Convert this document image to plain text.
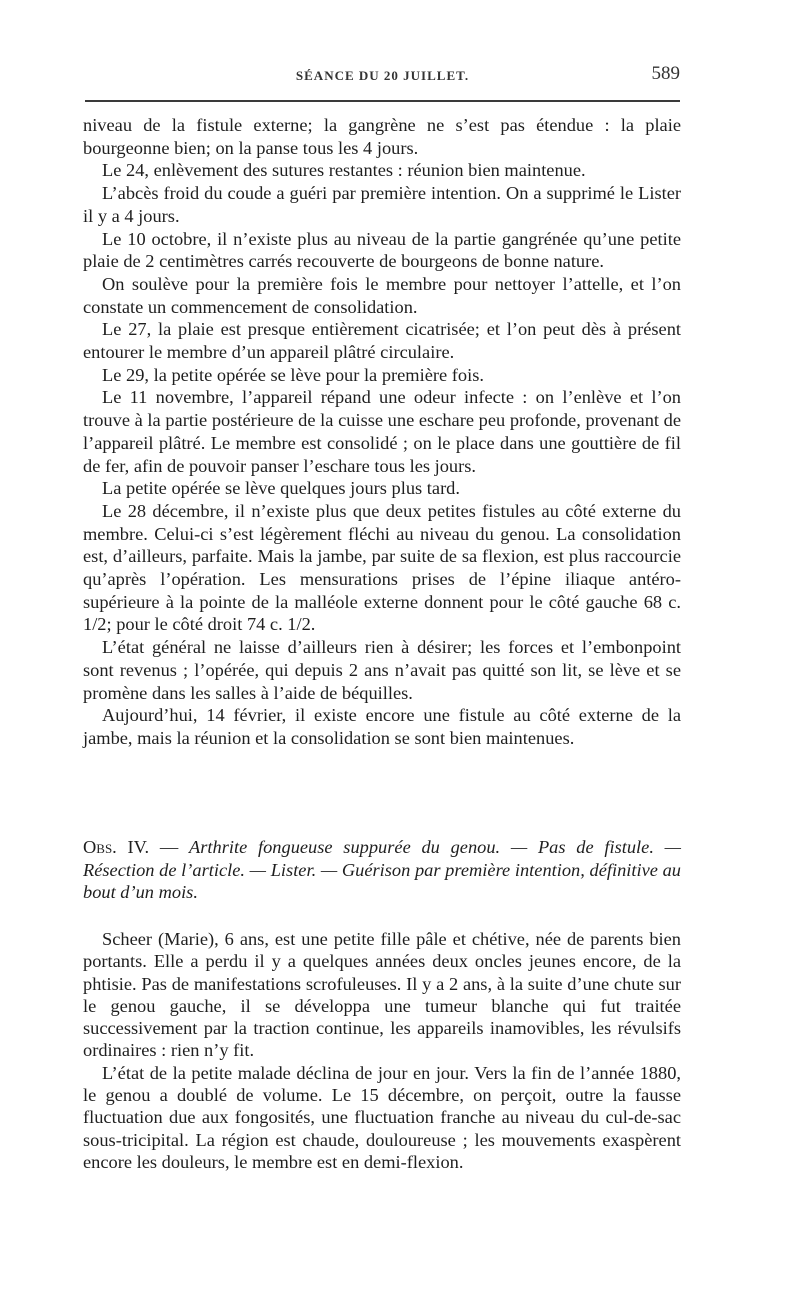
SÉANCE DU 20 JUILLET.	589

niveau de la fistule externe; la gangrène ne s’est pas étendue : la plaie bourgeonne bien; on la panse tous les 4 jours.

Le 24, enlèvement des sutures restantes : réunion bien maintenue.

L’abcès froid du coude a guéri par première intention. On a supprimé le Lister il y a 4 jours.

Le 10 octobre, il n’existe plus au niveau de la partie gangrénée qu’une petite plaie de 2 centimètres carrés recouverte de bourgeons de bonne nature.

On soulève pour la première fois le membre pour nettoyer l’attelle, et l’on constate un commencement de consolidation.

Le 27, la plaie est presque entièrement cicatrisée; et l’on peut dès à présent entourer le membre d’un appareil plâtré circulaire.

Le 29, la petite opérée se lève pour la première fois.

Le 11 novembre, l’appareil répand une odeur infecte : on l’enlève et l’on trouve à la partie postérieure de la cuisse une eschare peu profonde, provenant de l’appareil plâtré. Le membre est consolidé ; on le place dans une gouttière de fil de fer, afin de pouvoir panser l’eschare tous les jours.

La petite opérée se lève quelques jours plus tard.

Le 28 décembre, il n’existe plus que deux petites fistules au côté externe du membre. Celui-ci s’est légèrement fléchi au niveau du genou. La consolidation est, d’ailleurs, parfaite. Mais la jambe, par suite de sa flexion, est plus raccourcie qu’après l’opération. Les mensurations prises de l’épine iliaque antéro-supérieure à la pointe de la malléole externe donnent pour le côté gauche 68 c. 1/2; pour le côté droit 74 c. 1/2.

L’état général ne laisse d’ailleurs rien à désirer; les forces et l’embonpoint sont revenus ; l’opérée, qui depuis 2 ans n’avait pas quitté son lit, se lève et se promène dans les salles à l’aide de béquilles.

Aujourd’hui, 14 février, il existe encore une fistule au côté externe de la jambe, mais la réunion et la consolidation se sont bien maintenues.

Obs. IV. — Arthrite fongueuse suppurée du genou. — Pas de fistule. — Résection de l’article. — Lister. — Guérison par première intention, définitive au bout d’un mois.

Scheer (Marie), 6 ans, est une petite fille pâle et chétive, née de parents bien portants. Elle a perdu il y a quelques années deux oncles jeunes encore, de la phtisie. Pas de manifestations scrofuleuses. Il y a 2 ans, à la suite d’une chute sur le genou gauche, il se développa une tumeur blanche qui fut traitée successivement par la traction continue, les appareils inamovibles, les révulsifs ordinaires : rien n’y fit.

L’état de la petite malade déclina de jour en jour. Vers la fin de l’année 1880, le genou a doublé de volume. Le 15 décembre, on perçoit, outre la fausse fluctuation due aux fongosités, une fluctuation franche au niveau du cul-de-sac sous-tricipital. La région est chaude, douloureuse ; les mouvements exaspèrent encore les douleurs, le membre est en demi-flexion.
